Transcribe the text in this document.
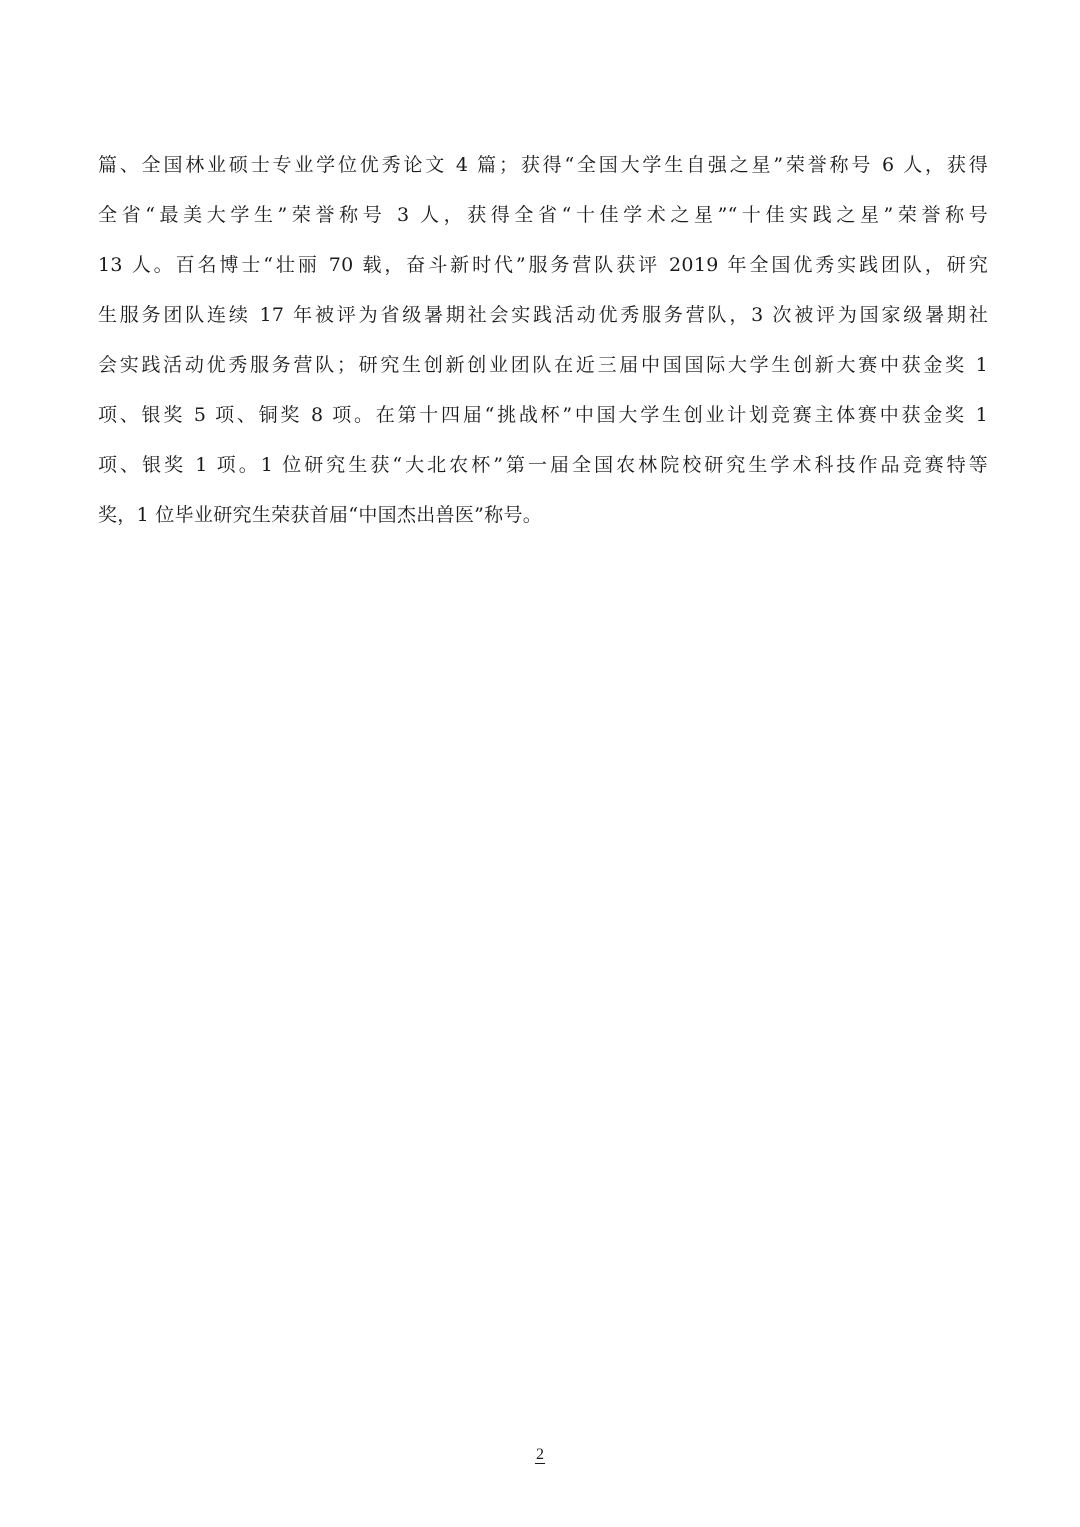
篇、全国林业硕士专业学位优秀论文 4 篇；获得“全国大学生自强之星”荣誉称号 6 人，获得
全省“最美大学生”荣誉称号 3 人，获得全省“十佳学术之星”“十佳实践之星”荣誉称号
13 人。百名博士“壮丽 70 载，奋斗新时代”服务营队获评 2019 年全国优秀实践团队，研究
生服务团队连续 17 年被评为省级暑期社会实践活动优秀服务营队，3 次被评为国家级暑期社
会实践活动优秀服务营队；研究生创新创业团队在近三届中国国际大学生创新大赛中获金奖 1
项、银奖 5 项、铜奖 8 项。在第十四届“挑战杯”中国大学生创业计划竞赛主体赛中获金奖 1
项、银奖 1 项。1 位研究生获“大北农杯”第一届全国农林院校研究生学术科技作品竞赛特等
奖，1 位毕业研究生荣获首届“中国杰出兽医”称号。
2
